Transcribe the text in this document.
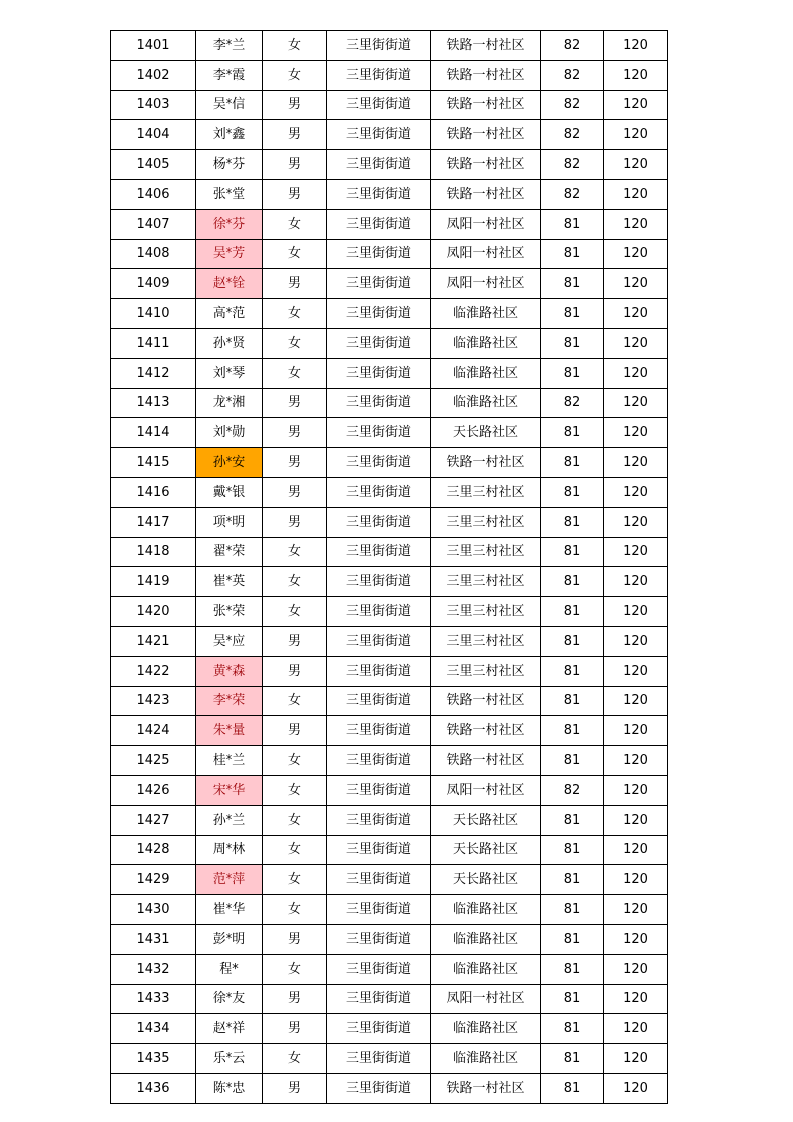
1401	李*兰	女	三里街街道	铁路一村社区	82	120
1402	李*霞	女	三里街街道	铁路一村社区	82	120
1403	吴*信	男	三里街街道	铁路一村社区	82	120
1404	刘*鑫	男	三里街街道	铁路一村社区	82	120
1405	杨*芬	男	三里街街道	铁路一村社区	82	120
1406	张*堂	男	三里街街道	铁路一村社区	82	120
1407	徐*芬	女	三里街街道	凤阳一村社区	81	120
1408	吴*芳	女	三里街街道	凤阳一村社区	81	120
1409	赵*铨	男	三里街街道	凤阳一村社区	81	120
1410	高*范	女	三里街街道	临淮路社区	81	120
1411	孙*贤	女	三里街街道	临淮路社区	81	120
1412	刘*琴	女	三里街街道	临淮路社区	81	120
1413	龙*湘	男	三里街街道	临淮路社区	82	120
1414	刘*勋	男	三里街街道	天长路社区	81	120
1415	孙*安	男	三里街街道	铁路一村社区	81	120
1416	戴*银	男	三里街街道	三里三村社区	81	120
1417	项*明	男	三里街街道	三里三村社区	81	120
1418	翟*荣	女	三里街街道	三里三村社区	81	120
1419	崔*英	女	三里街街道	三里三村社区	81	120
1420	张*荣	女	三里街街道	三里三村社区	81	120
1421	吴*应	男	三里街街道	三里三村社区	81	120
1422	黄*森	男	三里街街道	三里三村社区	81	120
1423	李*荣	女	三里街街道	铁路一村社区	81	120
1424	朱*量	男	三里街街道	铁路一村社区	81	120
1425	桂*兰	女	三里街街道	铁路一村社区	81	120
1426	宋*华	女	三里街街道	凤阳一村社区	82	120
1427	孙*兰	女	三里街街道	天长路社区	81	120
1428	周*林	女	三里街街道	天长路社区	81	120
1429	范*萍	女	三里街街道	天长路社区	81	120
1430	崔*华	女	三里街街道	临淮路社区	81	120
1431	彭*明	男	三里街街道	临淮路社区	81	120
1432	程*	女	三里街街道	临淮路社区	81	120
1433	徐*友	男	三里街街道	凤阳一村社区	81	120
1434	赵*祥	男	三里街街道	临淮路社区	81	120
1435	乐*云	女	三里街街道	临淮路社区	81	120
1436	陈*忠	男	三里街街道	铁路一村社区	81	120
